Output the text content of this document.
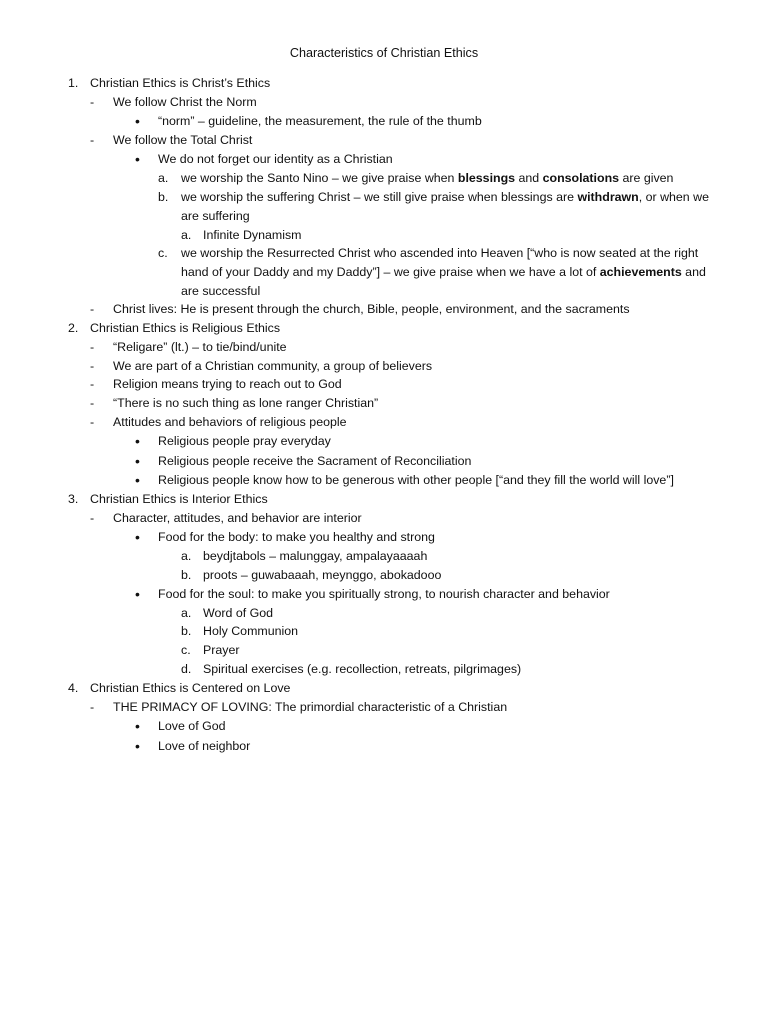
Characteristics of Christian Ethics
1. Christian Ethics is Christ’s Ethics
- We follow Christ the Norm
• “norm” – guideline, the measurement, the rule of the thumb
- We follow the Total Christ
• We do not forget our identity as a Christian
a. we worship the Santo Nino – we give praise when blessings and consolations are given
b. we worship the suffering Christ – we still give praise when blessings are withdrawn, or when we
are suffering
a. Infinite Dynamism
c. we worship the Resurrected Christ who ascended into Heaven [“who is now seated at the right
hand of your Daddy and my Daddy”] – we give praise when we have a lot of achievements and
are successful
- Christ lives: He is present through the church, Bible, people, environment, and the sacraments
2. Christian Ethics is Religious Ethics
- “Religare” (lt.) – to tie/bind/unite
- We are part of a Christian community, a group of believers
- Religion means trying to reach out to God
- “There is no such thing as lone ranger Christian”
- Attitudes and behaviors of religious people
• Religious people pray everyday
• Religious people receive the Sacrament of Reconciliation
• Religious people know how to be generous with other people [“and they fill the world will love”]
3. Christian Ethics is Interior Ethics
- Character, attitudes, and behavior are interior
• Food for the body: to make you healthy and strong
a. beydjtabols – malunggay, ampalayaaaah
b. proots – guwabaaah, meynggo, abokadooo
• Food for the soul: to make you spiritually strong, to nourish character and behavior
a. Word of God
b. Holy Communion
c. Prayer
d. Spiritual exercises (e.g. recollection, retreats, pilgrimages)
4. Christian Ethics is Centered on Love
- THE PRIMACY OF LOVING: The primordial characteristic of a Christian
• Love of God
• Love of neighbor
